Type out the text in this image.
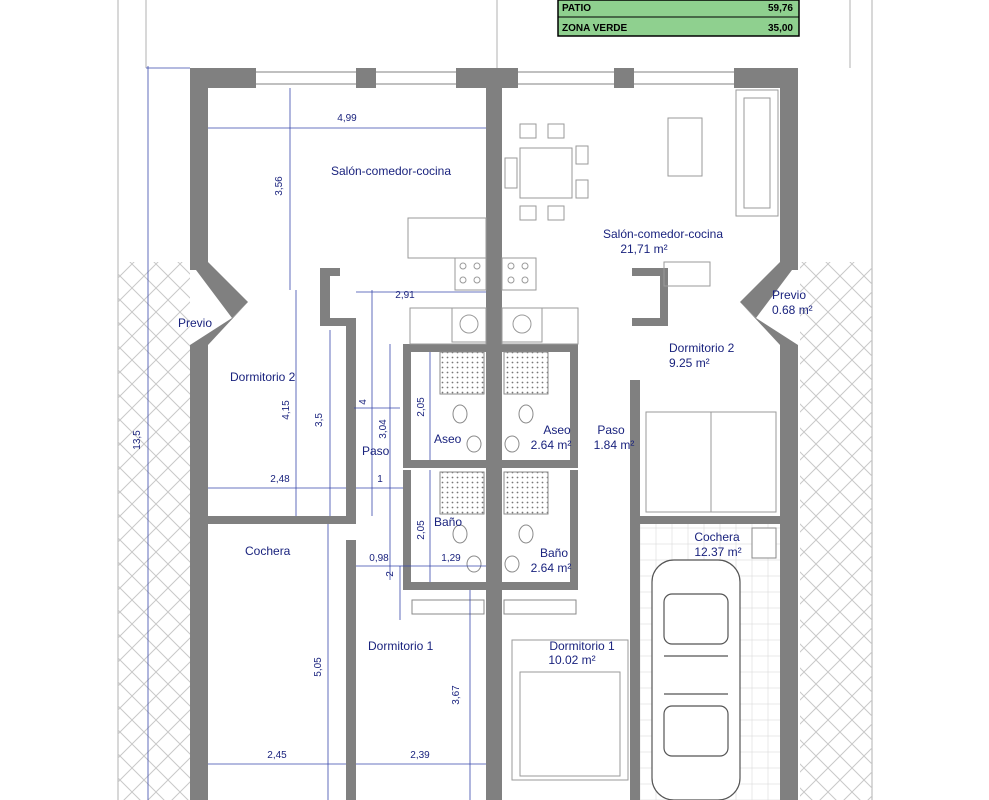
PATIO	59,76
ZONA VERDE	35,00
Salón-comedor-cocina
Previo
Dormitorio 2
Paso
Aseo
Baño
Cochera
Dormitorio 1
4,99
3,56
2,91
4,15
3,5
4
3,04
2,05
2,48	1
2,05
0,98	1,29
2
5,05
3,67
2,45	2,39
13,5
Salón-comedor-cocina
21,71 m²
Previo
0.68 m²
Dormitorio 2
9.25 m²
Aseo
2.64 m²
Paso
1.84 m²
Baño
2.64 m²
Cochera
12.37 m²
Dormitorio 1
10.02 m²
